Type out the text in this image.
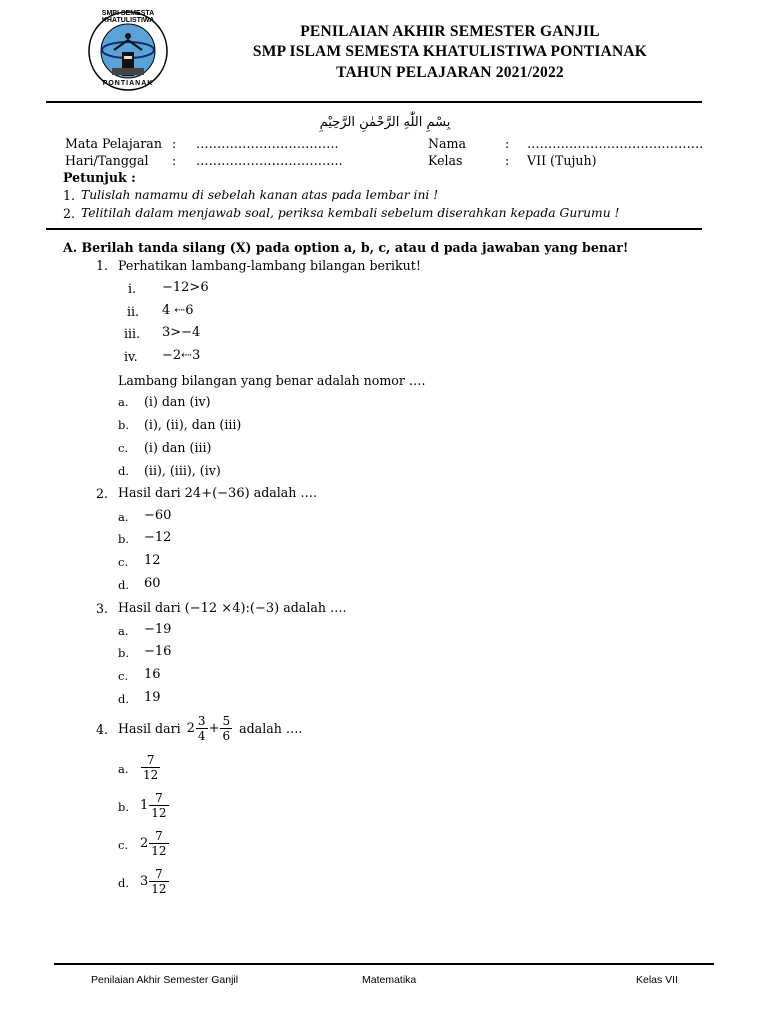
SMPI SEMESTA KHATULISTIWA
PONTIANAK
PENILAIAN AKHIR SEMESTER GANJIL
SMP ISLAM SEMESTA KHATULISTIWA PONTIANAK
TAHUN PELAJARAN 2021/2022
بِسْمِ اللّٰهِ الرَّحْمٰنِ الرَّحِيْمِ
Mata Pelajaran : …………………………….	Nama	: ……………………………………
Hari/Tanggal : ……………………………..	Kelas	: VII (Tujuh)
Petunjuk :
1. Tulislah namamu di sebelah kanan atas pada lembar ini !
2. Telitilah dalam menjawab soal, periksa kembali sebelum diserahkan kepada Gurumu !
A. Berilah tanda silang (X) pada option a, b, c, atau d pada jawaban yang benar!
1. Perhatikan lambang-lambang bilangan berikut!
i. −12>6
ii. 4 ⇠6
iii. 3>−4
iv. −2⇠3
Lambang bilangan yang benar adalah nomor ….
a.	(i) dan (iv)
b.	(i), (ii), dan (iii)
c.	(i) dan (iii)
d.	(ii), (iii), (iv)
2. Hasil dari 24+(−36) adalah ….
a.	−60
b.	−12
c.	12
d.	60
3. Hasil dari (−12 ×4):(−3) adalah ….
a.	−19
b.	−16
c.	16
d.	19
4. Hasil dari $2 \frac{3}{4} + \frac{5}{6}$ adalah ….
a.	$\frac{7}{12}$
b. $1 \frac{7}{12}$
c. $2 \frac{7}{12}$
d. $3 \frac{7}{12}$
Penilaian Akhir Semester Ganjil	Matematika	Kelas VII
